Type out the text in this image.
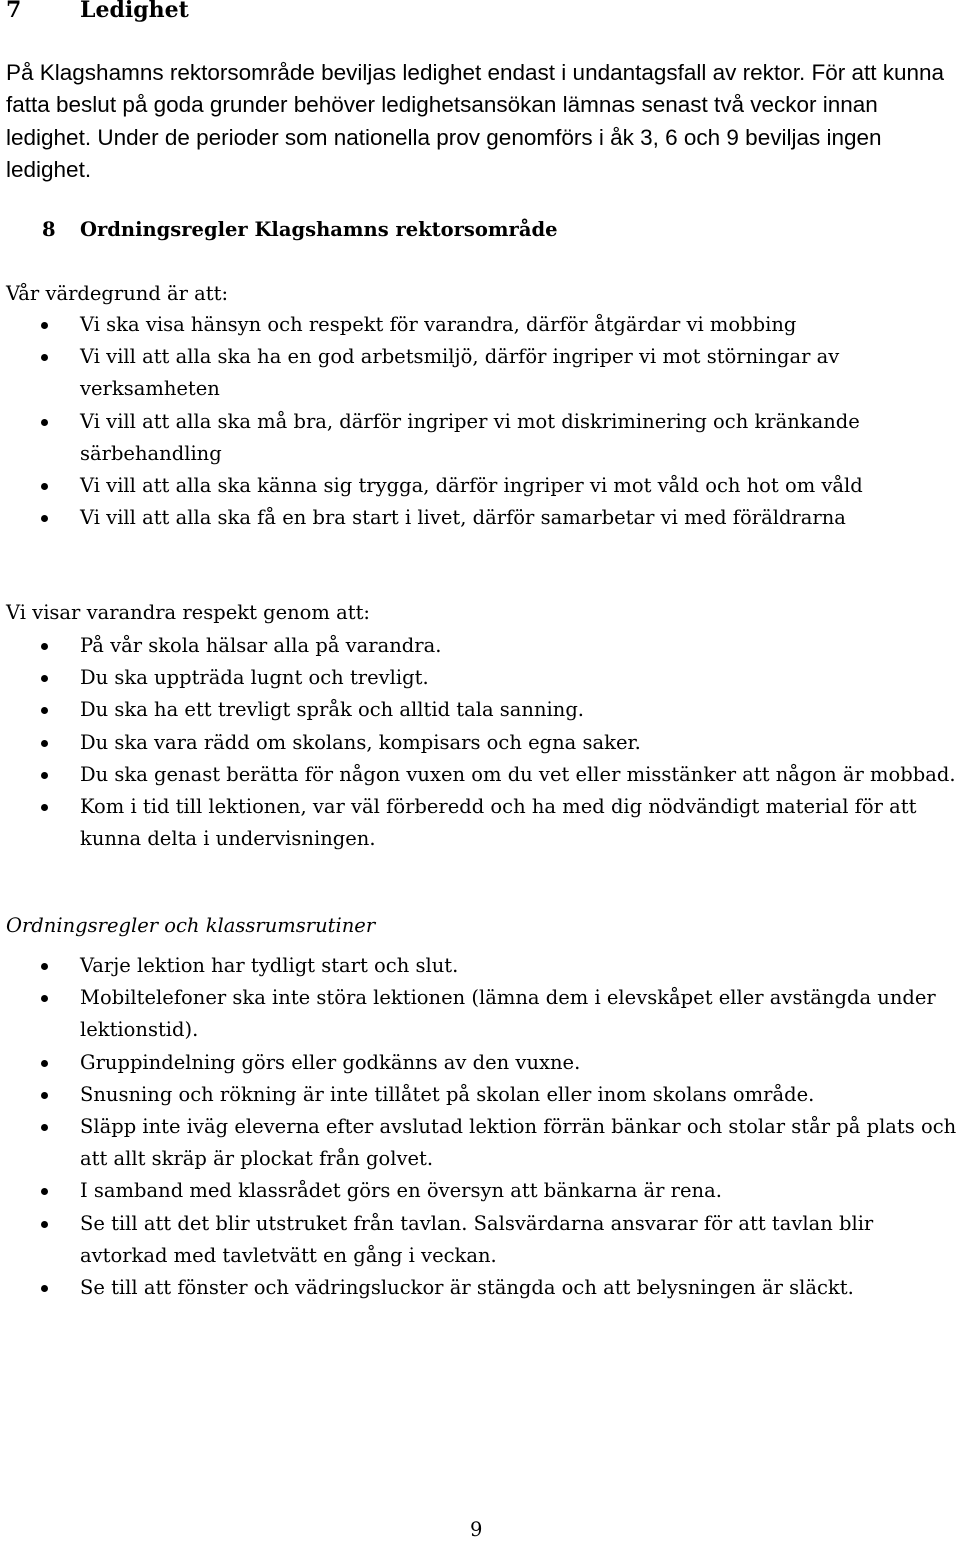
7	Ledighet

På Klagshamns rektorsområde beviljas ledighet endast i undantagsfall av rektor. För att kunna fatta beslut på goda grunder behöver ledighetsansökan lämnas senast två veckor innan ledighet. Under de perioder som nationella prov genomförs i åk 3, 6 och 9 beviljas ingen ledighet.

8 Ordningsregler Klagshamns rektorsområde

Vår värdegrund är att:

Vi ska visa hänsyn och respekt för varandra, därför åtgärdar vi mobbing
Vi vill att alla ska ha en god arbetsmiljö, därför ingriper vi mot störningar av verksamheten
Vi vill att alla ska må bra, därför ingriper vi mot diskriminering och kränkande särbehandling
Vi vill att alla ska känna sig trygga, därför ingriper vi mot våld och hot om våld
Vi vill att alla ska få en bra start i livet, därför samarbetar vi med föräldrarna

Vi visar varandra respekt genom att:

På vår skola hälsar alla på varandra.
Du ska uppträda lugnt och trevligt.
Du ska ha ett trevligt språk och alltid tala sanning.
Du ska vara rädd om skolans, kompisars och egna saker.
Du ska genast berätta för någon vuxen om du vet eller misstänker att någon är mobbad.
Kom i tid till lektionen, var väl förberedd och ha med dig nödvändigt material för att kunna delta i undervisningen.

Ordningsregler och klassrumsrutiner

Varje lektion har tydligt start och slut.
Mobiltelefoner ska inte störa lektionen (lämna dem i elevskåpet eller avstängda under lektionstid).
Gruppindelning görs eller godkänns av den vuxne.
Snusning och rökning är inte tillåtet på skolan eller inom skolans område.
Släpp inte iväg eleverna efter avslutad lektion förrän bänkar och stolar står på plats och att allt skräp är plockat från golvet.
I samband med klassrådet görs en översyn att bänkarna är rena.
Se till att det blir utstruket från tavlan. Salsvärdarna ansvarar för att tavlan blir avtorkad med tavletvätt en gång i veckan.
Se till att fönster och vädringsluckor är stängda och att belysningen är släckt.

9
